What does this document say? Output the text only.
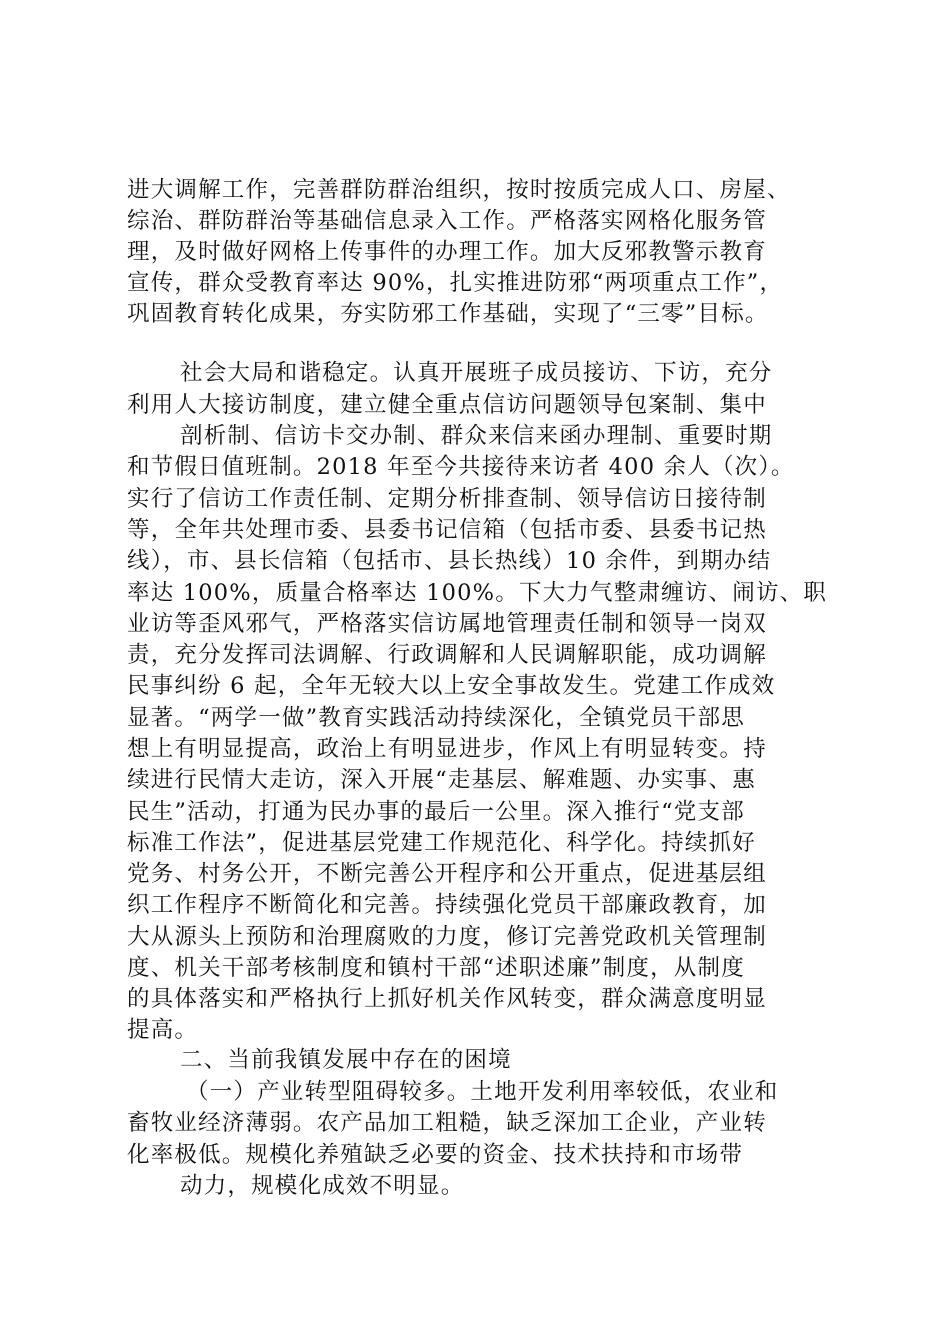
进大调解工作，完善群防群治组织，按时按质完成人口、房屋、
综治、群防群治等基础信息录入工作。严格落实网格化服务管
理，及时做好网格上传事件的办理工作。加大反邪教警示教育
宣传，群众受教育率达 90%，扎实推进防邪“两项重点工作”，
巩固教育转化成果，夯实防邪工作基础，实现了“三零”目标。
社会大局和谐稳定。认真开展班子成员接访、下访，充分
利用人大接访制度，建立健全重点信访问题领导包案制、集中
剖析制、信访卡交办制、群众来信来函办理制、重要时期
和节假日值班制。2018 年至今共接待来访者 400 余人（次）。
实行了信访工作责任制、定期分析排查制、领导信访日接待制
等，全年共处理市委、县委书记信箱（包括市委、县委书记热
线），市、县长信箱（包括市、县长热线）10 余件，到期办结
率达 100%，质量合格率达 100%。下大力气整肃缠访、闹访、职
业访等歪风邪气，严格落实信访属地管理责任制和领导一岗双
责，充分发挥司法调解、行政调解和人民调解职能，成功调解
民事纠纷 6 起，全年无较大以上安全事故发生。党建工作成效
显著。“两学一做”教育实践活动持续深化，全镇党员干部思
想上有明显提高，政治上有明显进步，作风上有明显转变。持
续进行民情大走访，深入开展“走基层、解难题、办实事、惠
民生”活动，打通为民办事的最后一公里。深入推行“党支部
标准工作法”，促进基层党建工作规范化、科学化。持续抓好
党务、村务公开，不断完善公开程序和公开重点，促进基层组
织工作程序不断简化和完善。持续强化党员干部廉政教育，加
大从源头上预防和治理腐败的力度，修订完善党政机关管理制
度、机关干部考核制度和镇村干部“述职述廉”制度，从制度
的具体落实和严格执行上抓好机关作风转变，群众满意度明显
提高。
二、当前我镇发展中存在的困境
（一）产业转型阻碍较多。土地开发利用率较低，农业和
畜牧业经济薄弱。农产品加工粗糙，缺乏深加工企业，产业转
化率极低。规模化养殖缺乏必要的资金、技术扶持和市场带
动力，规模化成效不明显。
